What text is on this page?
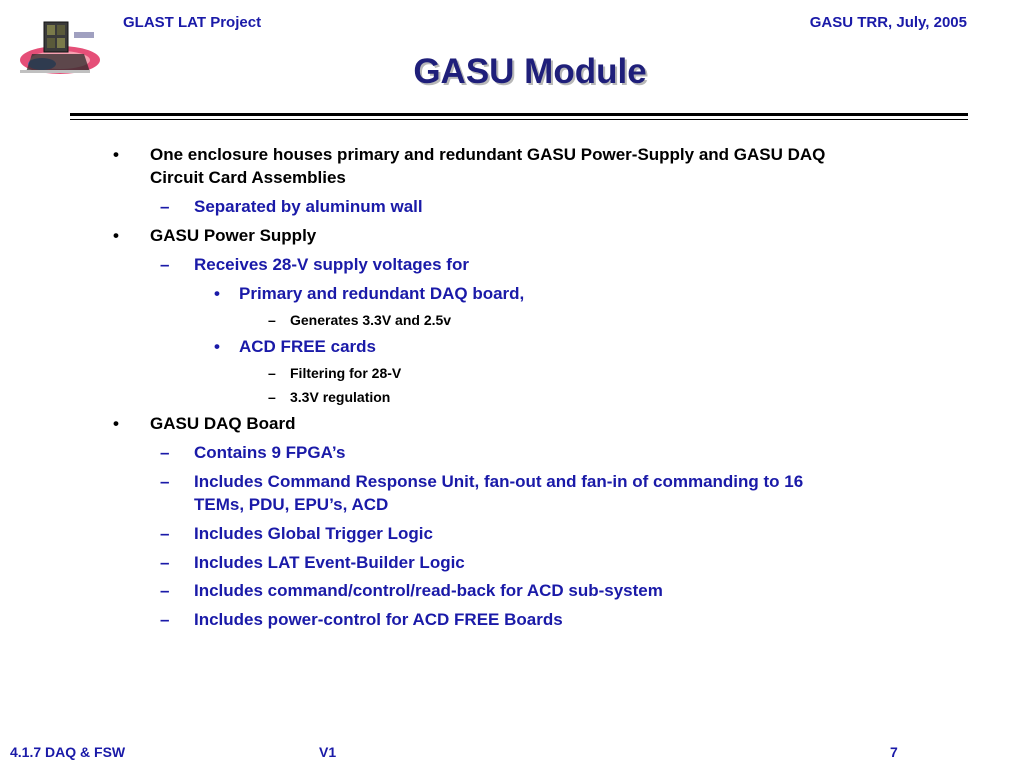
GLAST LAT Project	GASU TRR, July, 2005
GASU Module
• One enclosure houses primary and redundant GASU Power-Supply and GASU DAQ
Circuit Card Assemblies
– Separated by aluminum wall
• GASU Power Supply
– Receives 28-V supply voltages for
• Primary and redundant DAQ board,
– Generates 3.3V and 2.5v
• ACD FREE cards
– Filtering for 28-V
– 3.3V regulation
• GASU DAQ Board
– Contains 9 FPGA’s
– Includes Command Response Unit, fan-out and fan-in of commanding to 16
TEMs, PDU, EPU’s, ACD
– Includes Global Trigger Logic
– Includes LAT Event-Builder Logic
– Includes command/control/read-back for ACD sub-system
– Includes power-control for ACD FREE Boards
4.1.7 DAQ & FSW	V1	7
